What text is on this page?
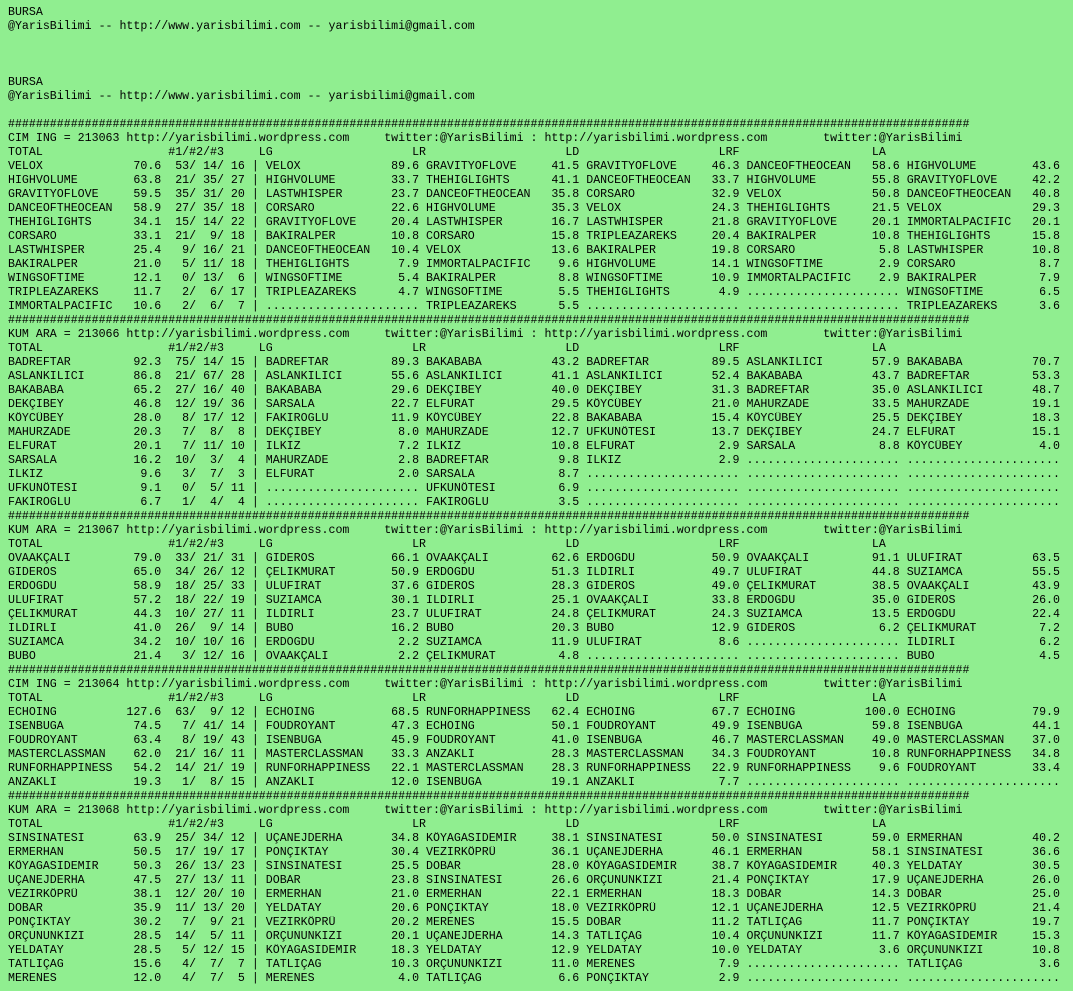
BURSA
@YarisBilimi -- http://www.yarisbilimi.com -- yarisbilimi@gmail.com
BURSA
@YarisBilimi -- http://www.yarisbilimi.com -- yarisbilimi@gmail.com
##########################################################################################################################################
CIM ING = 213063 http://yarisbilimi.wordpress.com     twitter:@YarisBilimi : http://yarisbilimi.wordpress.com        twitter:@YarisBilimi
TOTAL                  #1/#2/#3     LG                    LR                    LD                    LRF                   LA
VELOX             70.6  53/ 14/ 16 | VELOX             89.6 GRAVITYOFLOVE     41.5 GRAVITYOFLOVE     46.3 DANCEOFTHEOCEAN   58.6 HIGHVOLUME        43.6
HIGHVOLUME        63.8  21/ 35/ 27 | HIGHVOLUME        33.7 THEHIGLIGHTS      41.1 DANCEOFTHEOCEAN   33.7 HIGHVOLUME        55.8 GRAVITYOFLOVE     42.2
GRAVITYOFLOVE     59.5  35/ 31/ 20 | LASTWHISPER       23.7 DANCEOFTHEOCEAN   35.8 CORSARO           32.9 VELOX             50.8 DANCEOFTHEOCEAN   40.8
DANCEOFTHEOCEAN   58.9  27/ 35/ 18 | CORSARO           22.6 HIGHVOLUME        35.3 VELOX             24.3 THEHIGLIGHTS      21.5 VELOX             29.3
THEHIGLIGHTS      34.1  15/ 14/ 22 | GRAVITYOFLOVE     20.4 LASTWHISPER       16.7 LASTWHISPER       21.8 GRAVITYOFLOVE     20.1 IMMORTALPACIFIC   20.1
CORSARO           33.1  21/  9/ 18 | BAKIRALPER        10.8 CORSARO           15.8 TRIPLEAZAREKS     20.4 BAKIRALPER        10.8 THEHIGLIGHTS      15.8
LASTWHISPER       25.4   9/ 16/ 21 | DANCEOFTHEOCEAN   10.4 VELOX             13.6 BAKIRALPER        19.8 CORSARO            5.8 LASTWHISPER       10.8
BAKIRALPER        21.0   5/ 11/ 18 | THEHIGLIGHTS       7.9 IMMORTALPACIFIC    9.6 HIGHVOLUME        14.1 WINGSOFTIME        2.9 CORSARO            8.7
WINGSOFTIME       12.1   0/ 13/  6 | WINGSOFTIME        5.4 BAKIRALPER         8.8 WINGSOFTIME       10.9 IMMORTALPACIFIC    2.9 BAKIRALPER         7.9
TRIPLEAZAREKS     11.7   2/  6/ 17 | TRIPLEAZAREKS      4.7 WINGSOFTIME        5.5 THEHIGLIGHTS       4.9 ...................... WINGSOFTIME        6.5
IMMORTALPACIFIC   10.6   2/  6/  7 | ...................... TRIPLEAZAREKS      5.5 ...................... ...................... TRIPLEAZAREKS      3.6
##########################################################################################################################################
KUM ARA = 213066 http://yarisbilimi.wordpress.com     twitter:@YarisBilimi : http://yarisbilimi.wordpress.com        twitter:@YarisBilimi
TOTAL                  #1/#2/#3     LG                    LR                    LD                    LRF                   LA
BADREFTAR         92.3  75/ 14/ 15 | BADREFTAR         89.3 BAKABABA          43.2 BADREFTAR         89.5 ASLANKILICI       57.9 BAKABABA          70.7
ASLANKILICI       86.8  21/ 67/ 28 | ASLANKILICI       55.6 ASLANKILICI       41.1 ASLANKILICI       52.4 BAKABABA          43.7 BADREFTAR         53.3
BAKABABA          65.2  27/ 16/ 40 | BAKABABA          29.6 DEKÇIBEY          40.0 DEKÇIBEY          31.3 BADREFTAR         35.0 ASLANKILICI       48.7
DEKÇIBEY          46.8  12/ 19/ 36 | SARSALA           22.7 ELFURAT           29.5 KÖYCÜBEY          21.0 MAHURZADE         33.5 MAHURZADE         19.1
KÖYCÜBEY          28.0   8/ 17/ 12 | FAKIROGLU         11.9 KÖYCÜBEY          22.8 BAKABABA          15.4 KÖYCÜBEY          25.5 DEKÇIBEY          18.3
MAHURZADE         20.3   7/  8/  8 | DEKÇIBEY           8.0 MAHURZADE         12.7 UFKUNÖTESI        13.7 DEKÇIBEY          24.7 ELFURAT           15.1
ELFURAT           20.1   7/ 11/ 10 | ILKIZ              7.2 ILKIZ             10.8 ELFURAT            2.9 SARSALA            8.8 KÖYCÜBEY           4.0
SARSALA           16.2  10/  3/  4 | MAHURZADE          2.8 BADREFTAR          9.8 ILKIZ              2.9 ...................... ......................
ILKIZ              9.6   3/  7/  3 | ELFURAT            2.0 SARSALA            8.7 ...................... ...................... ......................
UFKUNÖTESI         9.1   0/  5/ 11 | ...................... UFKUNÖTESI         6.9 ...................... ...................... ......................
FAKIROGLU          6.7   1/  4/  4 | ...................... FAKIROGLU          3.5 ...................... ...................... ......................
##########################################################################################################################################
KUM ARA = 213067 http://yarisbilimi.wordpress.com     twitter:@YarisBilimi : http://yarisbilimi.wordpress.com        twitter:@YarisBilimi
TOTAL                  #1/#2/#3     LG                    LR                    LD                    LRF                   LA
OVAAKÇALI         79.0  33/ 21/ 31 | GIDEROS           66.1 OVAAKÇALI         62.6 ERDOGDU           50.9 OVAAKÇALI         91.1 ULUFIRAT          63.5
GIDEROS           65.0  34/ 26/ 12 | ÇELIKMURAT        50.9 ERDOGDU           51.3 ILDIRLI           49.7 ULUFIRAT          44.8 SUZIAMCA          55.5
ERDOGDU           58.9  18/ 25/ 33 | ULUFIRAT          37.6 GIDEROS           28.3 GIDEROS           49.0 ÇELIKMURAT        38.5 OVAAKÇALI         43.9
ULUFIRAT          57.2  18/ 22/ 19 | SUZIAMCA          30.1 ILDIRLI           25.1 OVAAKÇALI         33.8 ERDOGDU           35.0 GIDEROS           26.0
ÇELIKMURAT        44.3  10/ 27/ 11 | ILDIRLI           23.7 ULUFIRAT          24.8 ÇELIKMURAT        24.3 SUZIAMCA          13.5 ERDOGDU           22.4
ILDIRLI           41.0  26/  9/ 14 | BUBO              16.2 BUBO              20.3 BUBO              12.9 GIDEROS            6.2 ÇELIKMURAT         7.2
SUZIAMCA          34.2  10/ 10/ 16 | ERDOGDU            2.2 SUZIAMCA          11.9 ULUFIRAT           8.6 ...................... ILDIRLI            6.2
BUBO              21.4   3/ 12/ 16 | OVAAKÇALI          2.2 ÇELIKMURAT         4.8 ...................... ...................... BUBO               4.5
##########################################################################################################################################
CIM ING = 213064 http://yarisbilimi.wordpress.com     twitter:@YarisBilimi : http://yarisbilimi.wordpress.com        twitter:@YarisBilimi
TOTAL                  #1/#2/#3     LG                    LR                    LD                    LRF                   LA
ECHOING          127.6  63/  9/ 12 | ECHOING           68.5 RUNFORHAPPINESS   62.4 ECHOING           67.7 ECHOING          100.0 ECHOING           79.9
ISENBUGA          74.5   7/ 41/ 14 | FOUDROYANT        47.3 ECHOING           50.1 FOUDROYANT        49.9 ISENBUGA          59.8 ISENBUGA          44.1
FOUDROYANT        63.4   8/ 19/ 43 | ISENBUGA          45.9 FOUDROYANT        41.0 ISENBUGA          46.7 MASTERCLASSMAN    49.0 MASTERCLASSMAN    37.0
MASTERCLASSMAN    62.0  21/ 16/ 11 | MASTERCLASSMAN    33.3 ANZAKLI           28.3 MASTERCLASSMAN    34.3 FOUDROYANT        10.8 RUNFORHAPPINESS   34.8
RUNFORHAPPINESS   54.2  14/ 21/ 19 | RUNFORHAPPINESS   22.1 MASTERCLASSMAN    28.3 RUNFORHAPPINESS   22.9 RUNFORHAPPINESS    9.6 FOUDROYANT        33.4
ANZAKLI           19.3   1/  8/ 15 | ANZAKLI           12.0 ISENBUGA          19.1 ANZAKLI            7.7 ...................... ......................
##########################################################################################################################################
KUM ARA = 213068 http://yarisbilimi.wordpress.com     twitter:@YarisBilimi : http://yarisbilimi.wordpress.com        twitter:@YarisBilimi
TOTAL                  #1/#2/#3     LG                    LR                    LD                    LRF                   LA
SINSINATESI       63.9  25/ 34/ 12 | UÇANEJDERHA       34.8 KÖYAGASIDEMIR     38.1 SINSINATESI       50.0 SINSINATESI       59.0 ERMERHAN          40.2
ERMERHAN          50.5  17/ 19/ 17 | PONÇIKTAY         30.4 VEZIRKÖPRÜ        36.1 UÇANEJDERHA       46.1 ERMERHAN          58.1 SINSINATESI       36.6
KÖYAGASIDEMIR     50.3  26/ 13/ 23 | SINSINATESI       25.5 DOBAR             28.0 KÖYAGASIDEMIR     38.7 KÖYAGASIDEMIR     40.3 YELDATAY          30.5
UÇANEJDERHA       47.5  27/ 13/ 11 | DOBAR             23.8 SINSINATESI       26.6 ORÇUNUNKIZI       21.4 PONÇIKTAY         17.9 UÇANEJDERHA       26.0
VEZIRKÖPRÜ        38.1  12/ 20/ 10 | ERMERHAN          21.0 ERMERHAN          22.1 ERMERHAN          18.3 DOBAR             14.3 DOBAR             25.0
DOBAR             35.9  11/ 13/ 20 | YELDATAY          20.6 PONÇIKTAY         18.0 VEZIRKÖPRÜ        12.1 UÇANEJDERHA       12.5 VEZIRKÖPRÜ        21.4
PONÇIKTAY         30.2   7/  9/ 21 | VEZIRKÖPRÜ        20.2 MERENES           15.5 DOBAR             11.2 TATLIÇAG          11.7 PONÇIKTAY         19.7
ORÇUNUNKIZI       28.5  14/  5/ 11 | ORÇUNUNKIZI       20.1 UÇANEJDERHA       14.3 TATLIÇAG          10.4 ORÇUNUNKIZI       11.7 KÖYAGASIDEMIR     15.3
YELDATAY          28.5   5/ 12/ 15 | KÖYAGASIDEMIR     18.3 YELDATAY          12.9 YELDATAY          10.0 YELDATAY           3.6 ORÇUNUNKIZI       10.8
TATLIÇAG          15.6   4/  7/  7 | TATLIÇAG          10.3 ORÇUNUNKIZI       11.0 MERENES            7.9 ...................... TATLIÇAG           3.6
MERENES           12.0   4/  7/  5 | MERENES            4.0 TATLIÇAG           6.6 PONÇIKTAY          2.9 ...................... ......................
